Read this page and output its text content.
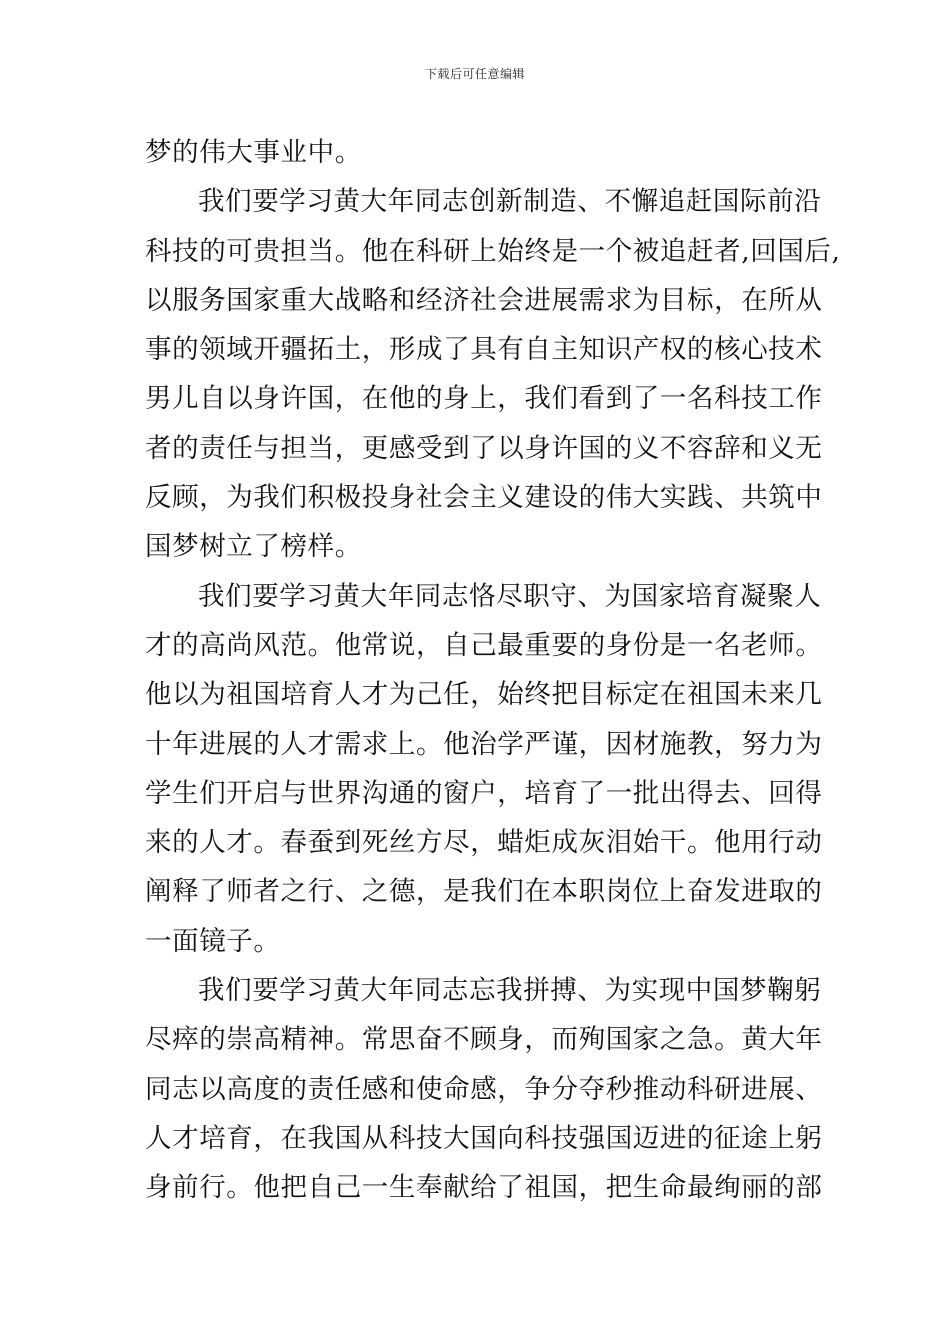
下载后可任意编辑
梦的伟大事业中。
我们要学习黄大年同志创新制造、不懈追赶国际前沿
科技的可贵担当。他在科研上始终是一个被追赶者,回国后,
以服务国家重大战略和经济社会进展需求为目标，在所从
事的领域开疆拓土，形成了具有自主知识产权的核心技术
男儿自以身许国，在他的身上，我们看到了一名科技工作
者的责任与担当，更感受到了以身许国的义不容辞和义无
反顾，为我们积极投身社会主义建设的伟大实践、共筑中
国梦树立了榜样。
我们要学习黄大年同志恪尽职守、为国家培育凝聚人
才的高尚风范。他常说，自己最重要的身份是一名老师。
他以为祖国培育人才为己任，始终把目标定在祖国未来几
十年进展的人才需求上。他治学严谨，因材施教，努力为
学生们开启与世界沟通的窗户，培育了一批出得去、回得
来的人才。春蚕到死丝方尽，蜡炬成灰泪始干。他用行动
阐释了师者之行、之德，是我们在本职岗位上奋发进取的
一面镜子。
我们要学习黄大年同志忘我拼搏、为实现中国梦鞠躬
尽瘁的崇高精神。常思奋不顾身，而殉国家之急。黄大年
同志以高度的责任感和使命感，争分夺秒推动科研进展、
人才培育，在我国从科技大国向科技强国迈进的征途上躬
身前行。他把自己一生奉献给了祖国，把生命最绚丽的部
